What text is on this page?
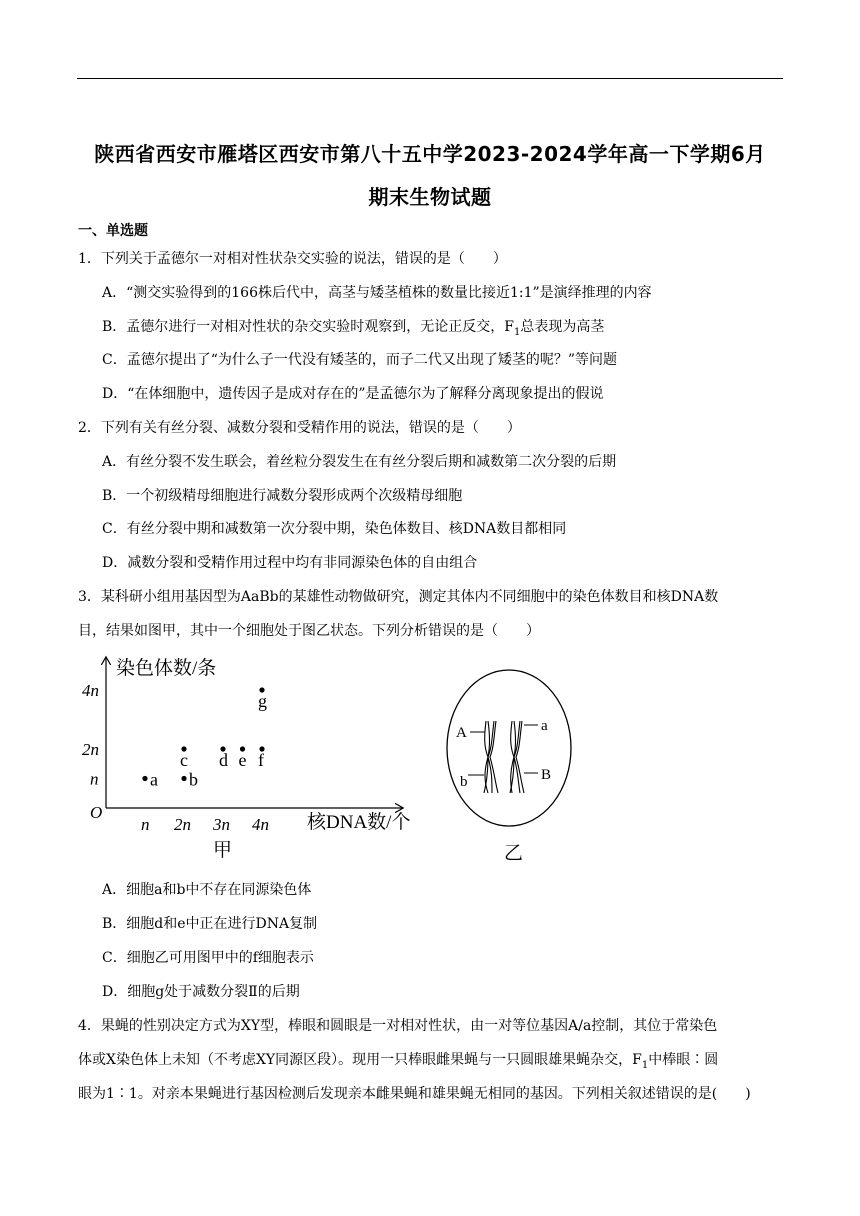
陕西省西安市雁塔区西安市第八十五中学2023-2024学年高一下学期6月
期末生物试题
一、单选题
1．下列关于孟德尔一对相对性状杂交实验的说法，错误的是（　　）
A．“测交实验得到的166株后代中，高茎与矮茎植株的数量比接近1:1”是演绎推理的内容
B．孟德尔进行一对相对性状的杂交实验时观察到，无论正反交，$F_1$总表现为高茎
C．孟德尔提出了“为什么子一代没有矮茎的，而子二代又出现了矮茎的呢？”等问题
D．“在体细胞中，遗传因子是成对存在的”是孟德尔为了解释分离现象提出的假说
2．下列有关有丝分裂、减数分裂和受精作用的说法，错误的是（　　）
A．有丝分裂不发生联会，着丝粒分裂发生在有丝分裂后期和减数第二次分裂的后期
B．一个初级精母细胞进行减数分裂形成两个次级精母细胞
C．有丝分裂中期和减数第一次分裂中期，染色体数目、核DNA数目都相同
D．减数分裂和受精作用过程中均有非同源染色体的自由组合
3．某科研小组用基因型为AaBb的某雄性动物做研究，测定其体内不同细胞中的染色体数目和核DNA数
目，结果如图甲，其中一个细胞处于图乙状态。下列分析错误的是（　　）
染色体数/条
核DNA数/个
O
n 2n 3n 4n
n
2n
4n
a b
c d e f
g
甲
A	a
b	B
乙
A．细胞a和b中不存在同源染色体
B．细胞d和e中正在进行DNA复制
C．细胞乙可用图甲中的f细胞表示
D．细胞g处于减数分裂Ⅱ的后期
4．果蝇的性别决定方式为XY型，棒眼和圆眼是一对相对性状，由一对等位基因A/a控制，其位于常染色
体或X染色体上未知（不考虑XY同源区段）。现用一只棒眼雌果蝇与一只圆眼雄果蝇杂交，$F_1$中棒眼∶圆
眼为1∶1。对亲本果蝇进行基因检测后发现亲本雌果蝇和雄果蝇无相同的基因。下列相关叙述错误的是(　　)
